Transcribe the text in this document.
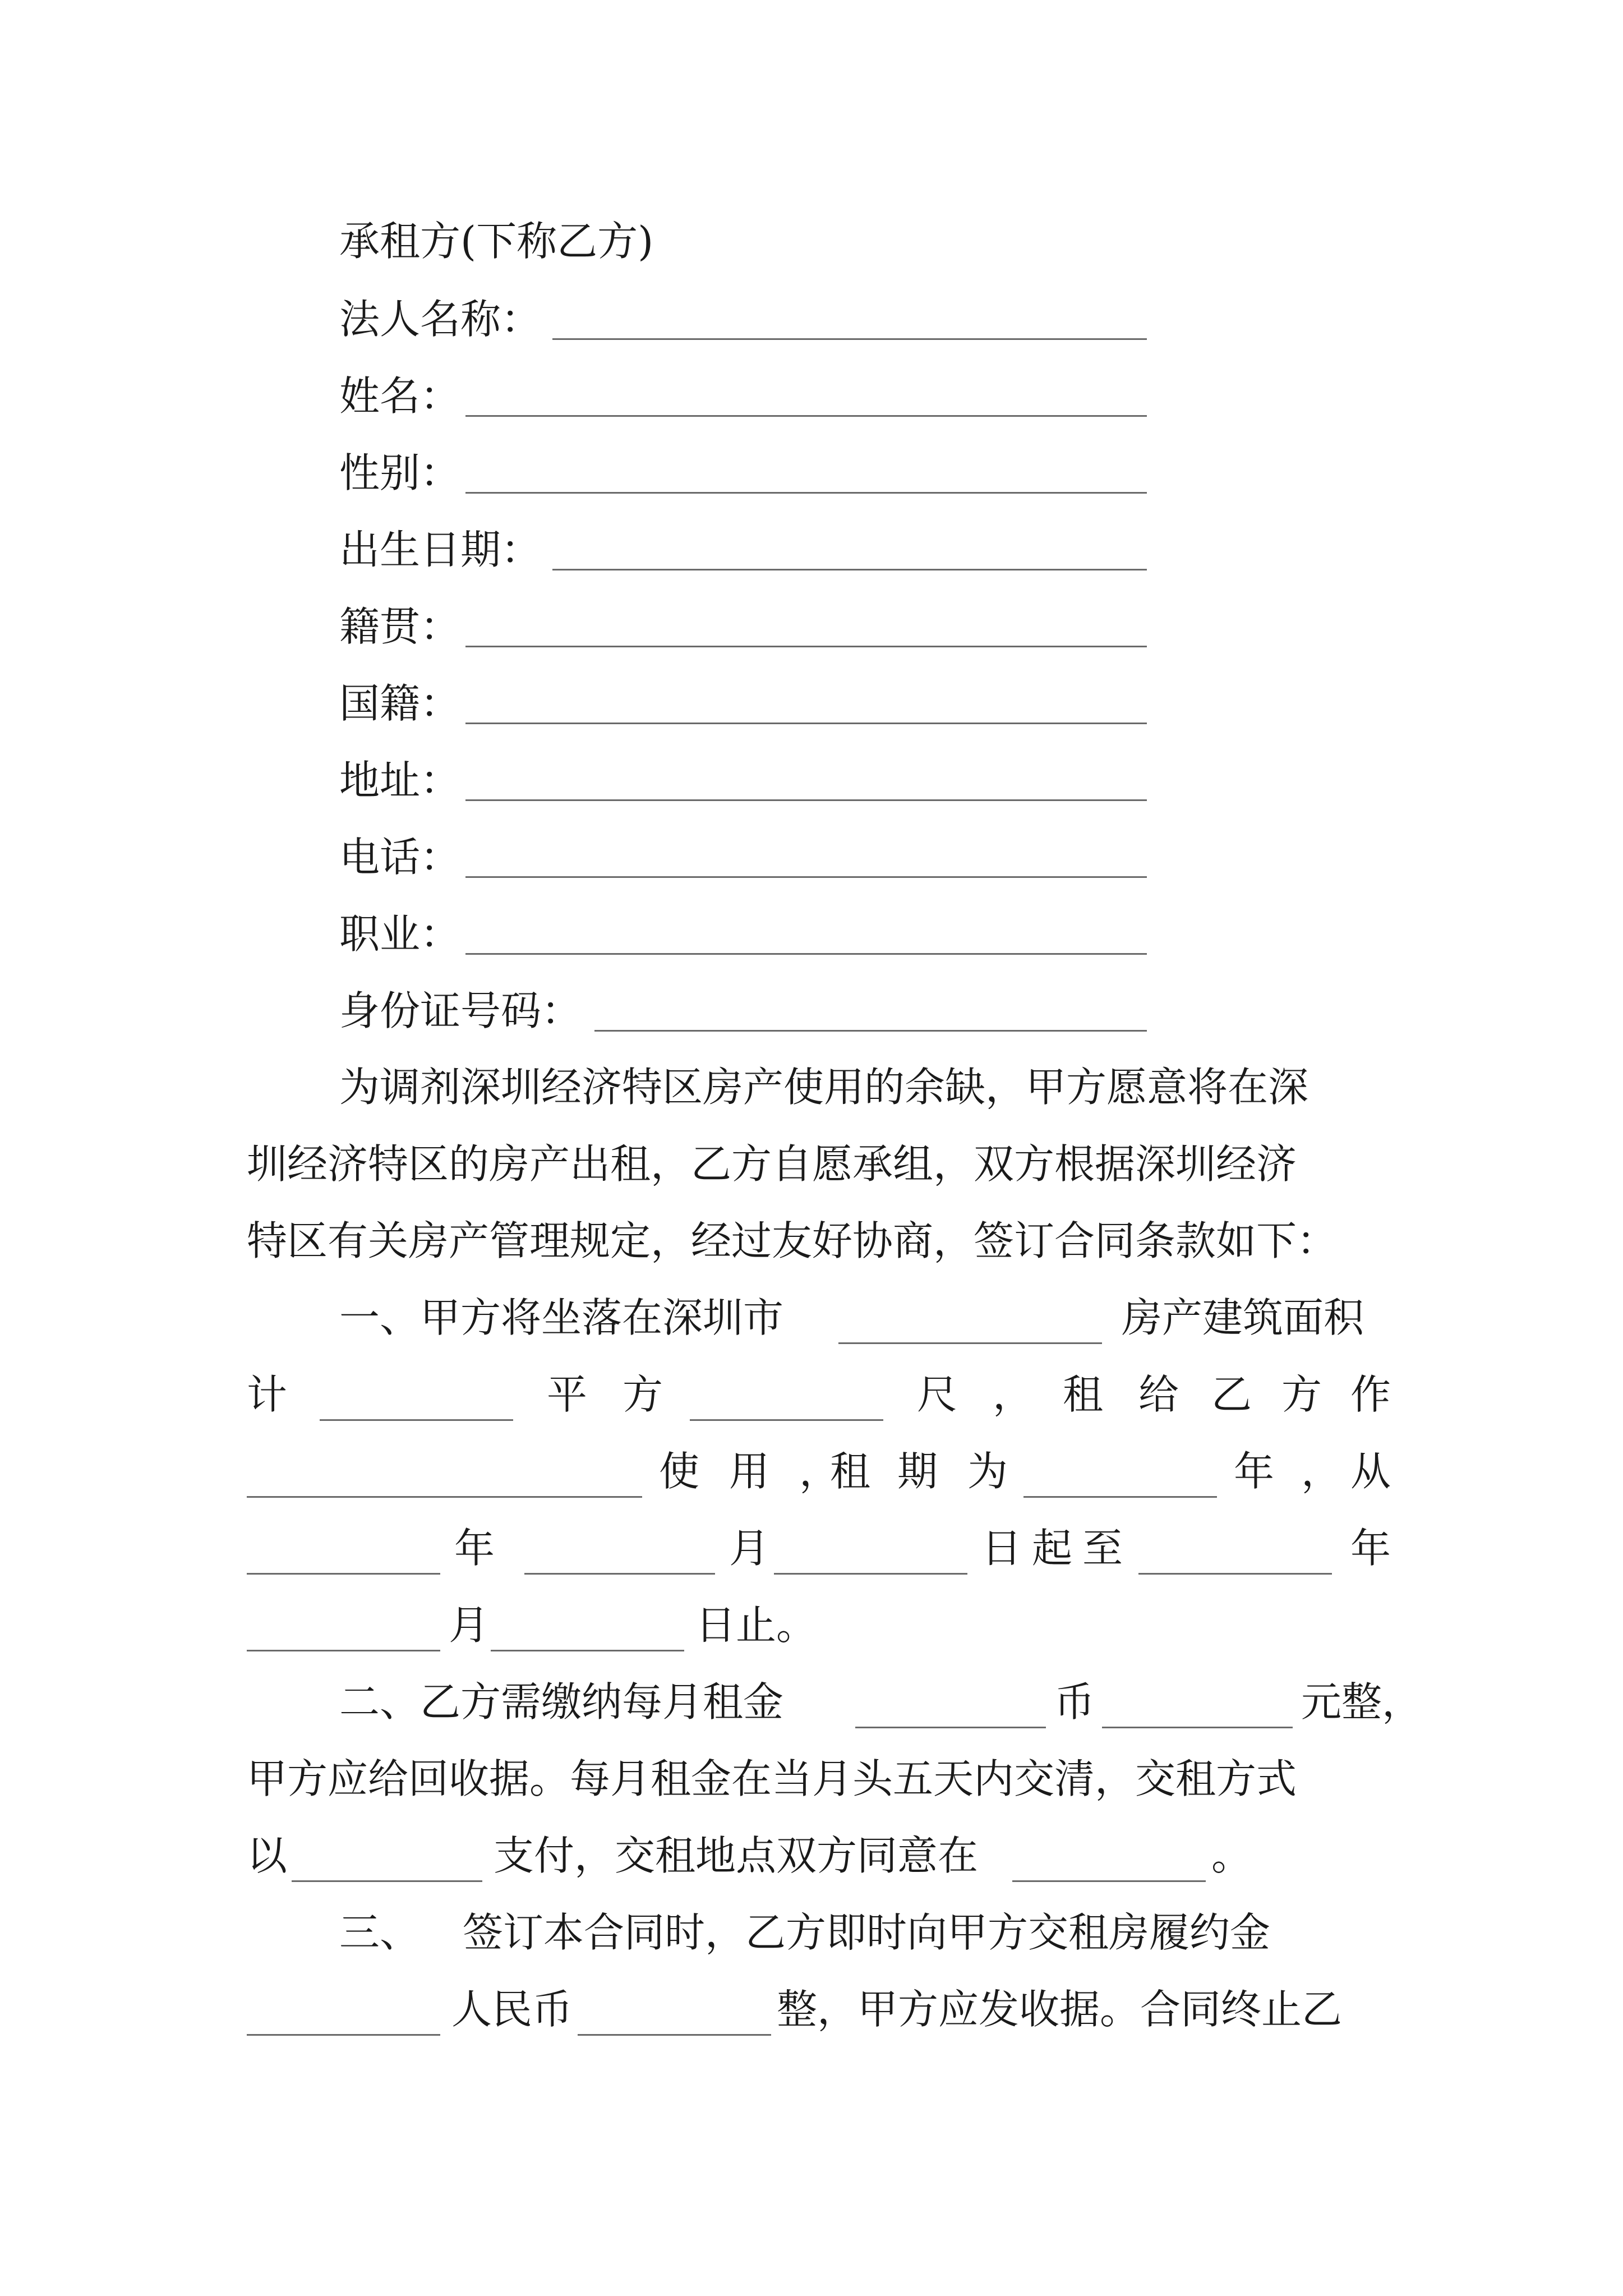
承租方(下称乙方)
法人名称：
姓名：
性别：
出生日期：
籍贯：
国籍：
地址：
电话：
职业：
身份证号码：
为调剂深圳经济特区房产使用的余缺，甲方愿意将在深
圳经济特区的房产出租，乙方自愿承组，双方根据深圳经济
特区有关房产管理规定，经过友好协商，签订合同条款如下：
一、甲方将坐落在深圳市	房产建筑面积
计	平 方	尺 ， 租 给 乙 方 作
使 用 ，
租 期 为	年 ， 从
年	月	日 起 至	年
月	日止。
二、乙方需缴纳每月租金	币	元整，
甲方应给回收据。每月租金在当月头五天内交清，交租方式
以	支付，交租地点双方同意在	。
三、 签订本合同时，乙方即时向甲方交租房履约金
人民币	整，甲方应发收据。合同终止乙
